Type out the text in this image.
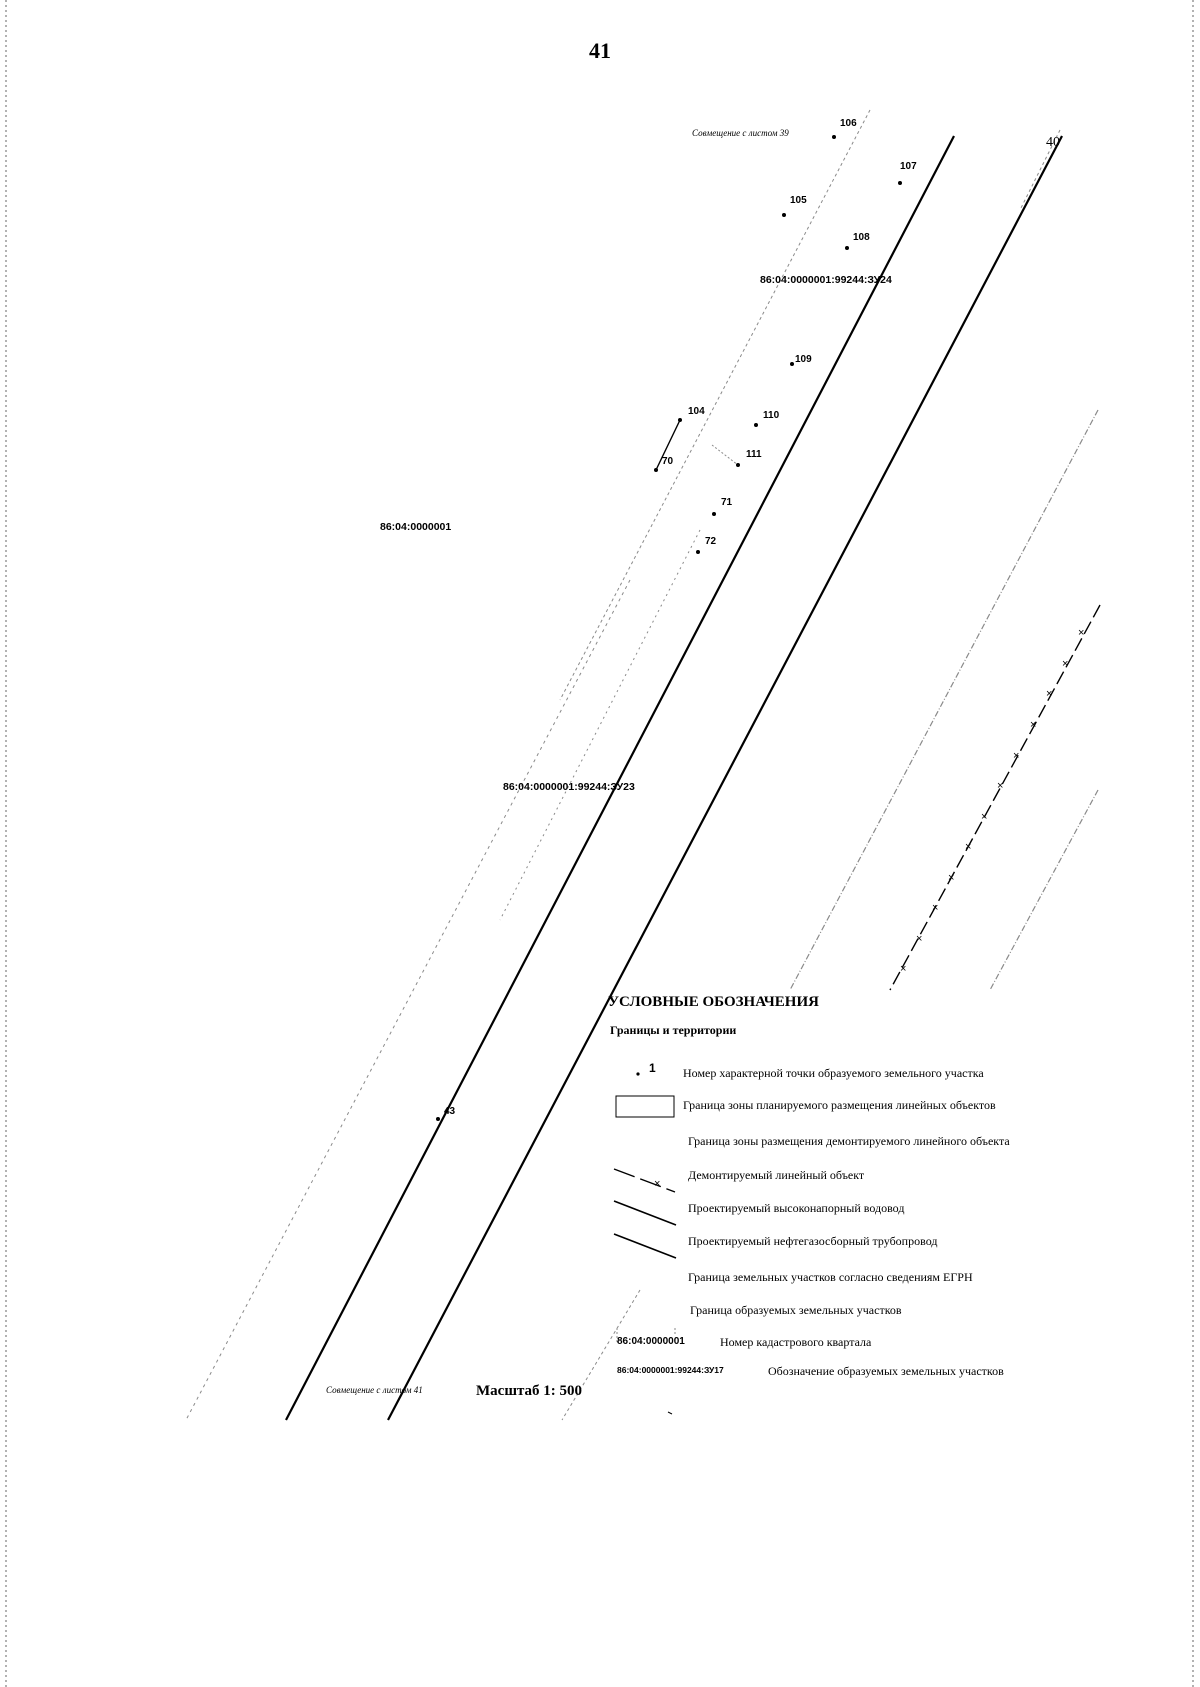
×
×
×
×
×
×
×
×
×
×
×
×
106
107
105
108
109
104	110
70
111
71
72
43
86:04:0000001
86:04:0000001:99244:ЗУ24
86:04:0000001:99244:ЗУ23
Совмещение с листом 39
Совмещение с листом 41
40
×
1
41
УСЛОВНЫЕ ОБОЗНАЧЕНИЯ
Границы и территории
Номер характерной точки образуемого земельного участка
Граница зоны планируемого размещения линейных объектов
Граница зоны размещения демонтируемого линейного объекта
Демонтируемый линейный объект
Проектируемый высоконапорный водовод
Проектируемый нефтегазосборный трубопровод
Граница земельных участков согласно сведениям ЕГРН
Граница образуемых земельных участков
86:04:0000001	Номер кадастрового квартала
86:04:0000001:99244:ЗУ17	Обозначение образуемых земельных участков
Масштаб 1: 500
